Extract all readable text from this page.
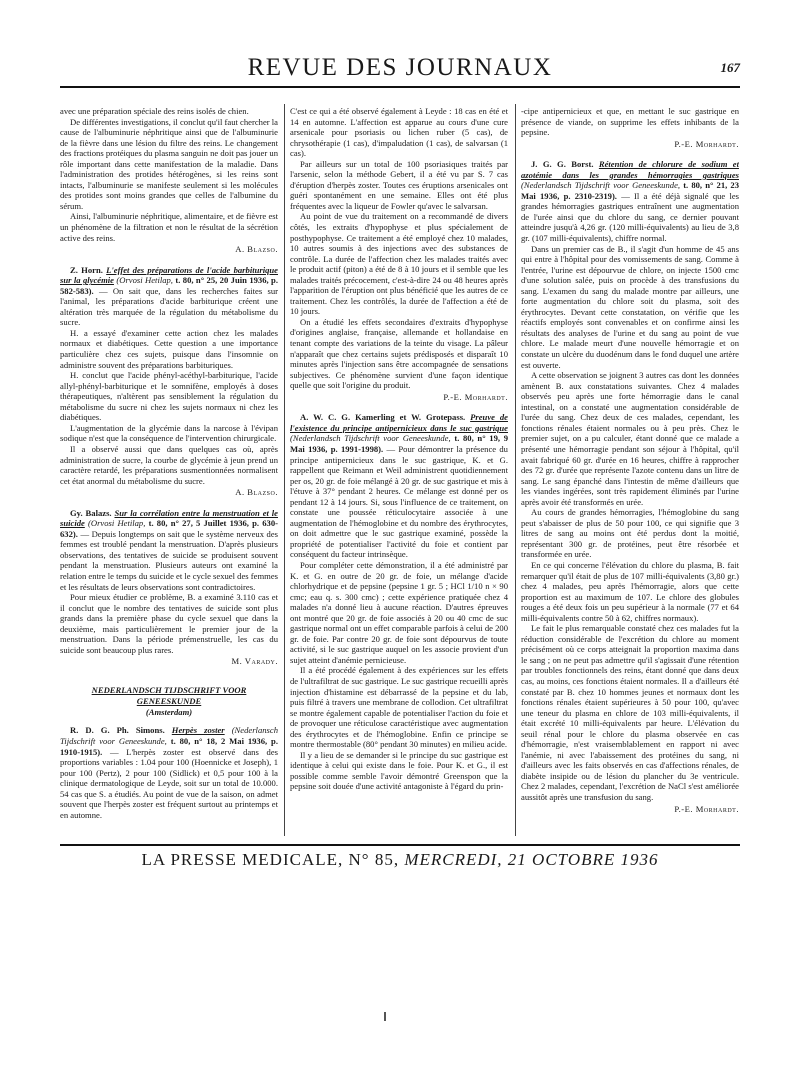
REVUE DES JOURNAUX	167

avec une préparation spéciale des reins isolés de chien.

De différentes investigations, il conclut qu'il faut chercher la cause de l'albuminurie néphritique ainsi que de l'albuminurie de la fièvre dans une lésion du filtre des reins. Le changement des fractions protéiques du plasma sanguin ne doit pas jouer un rôle important dans cette manifestation de la maladie. Dans l'administration des protides hétérogènes, si les reins sont intacts, l'albuminurie se manifeste seulement si les molécules des protides sont moins grandes que celles de l'albumine du sérum.

Ainsi, l'albuminurie néphritique, alimentaire, et de fièvre est un phénomène de la filtration et non le résultat de la sécrétion active des reins.

A. Blazso.

Z. Horn. L'effet des préparations de l'acide barbiturique sur la glycémie (Orvosi Hetilap, t. 80, n° 25, 20 Juin 1936, p. 582-583). — On sait que, dans les recherches faites sur l'animal, les préparations d'acide barbiturique créent une altération très marquée de la régulation du métabolisme du sucre.

H. a essayé d'examiner cette action chez les malades normaux et diabétiques. Cette question a une importance particulière chez ces sujets, puisque dans l'insomnie on administre souvent des préparations barbituriques.

H. conclut que l'acide phényl-acéthyl-barbiturique, l'acide allyl-phényl-barbiturique et le somnifène, employés à doses thérapeutiques, n'altèrent pas sensiblement la régulation du métabolisme du sucre ni chez les sujets normaux ni chez les diabétiques.

L'augmentation de la glycémie dans la narcose à l'évipan sodique n'est que la conséquence de l'intervention chirurgicale.

Il a observé aussi que dans quelques cas où, après administration de sucre, la courbe de glycémie à jeun prend un caractère retardé, les préparations susmentionnées normalisent cet état anormal du métabolisme du sucre.

A. Blazso.

Gy. Balazs. Sur la corrélation entre la menstruation et le suicide (Orvosi Hetilap, t. 80, n° 27, 5 Juillet 1936, p. 630-632). — Depuis longtemps on sait que le système nerveux des femmes est troublé pendant la menstruation. D'après plusieurs observations, des tentatives de suicide se produisent souvent pendant la menstruation. Plusieurs auteurs ont examiné la relation entre le temps du suicide et le cycle sexuel des femmes et les résultats de leurs observations sont contradictoires.

Pour mieux étudier ce problème, B. a examiné 3.110 cas et il conclut que le nombre des tentatives de suicide sont plus grands dans la première phase du cycle sexuel que dans la deuxième, mais particulièrement le premier jour de la menstruation. Dans la période prémenstruelle, les cas du suicide sont beaucoup plus rares.

M. Varady.
NEDERLANDSCH TIJDSCHRIFT VOOR GENEESKUNDE
(Amsterdam)

R. D. G. Ph. Simons. Herpès zoster (Nederlansch Tijdschrift voor Geneeskunde, t. 80, n° 18, 2 Mai 1936, p. 1910-1915). — L'herpès zoster est observé dans des proportions variables : 1.04 pour 100 (Hoennicke et Joseph), 1 pour 100 (Pertz), 2 pour 100 (Sidlick) et 0,5 pour 100 à la clinique dermatologique de Leyde, soit sur un total de 10.000. 54 cas que S. a étudiés. Au point de vue de la saison, on admet souvent que l'herpès zoster est fréquent surtout au printemps et en automne.

C'est ce qui a été observé également à Leyde : 18 cas en été et 14 en automne. L'affection est apparue au cours d'une cure arsenicale pour psoriasis ou lichen ruber (5 cas), de chrysothérapie (1 cas), d'impaludation (1 cas), de salvarsan (1 cas).

Par ailleurs sur un total de 100 psoriasiques traités par l'arsenic, selon la méthode Gebert, il a été vu par S. 7 cas d'éruption d'herpès zoster. Toutes ces éruptions arsenicales ont guéri spontanément en une semaine. Elles ont été plus fréquentes avec la liqueur de Fowler qu'avec le salvarsan.

Au point de vue du traitement on a recommandé de divers côtés, les extraits d'hypophyse et plus spécialement de posthypophyse. Ce traitement a été employé chez 10 malades, 10 autres soumis à des injections avec des substances de contrôle. La durée de l'affection chez les malades traités avec le produit actif (piton) a été de 8 à 10 jours et il semble que les malades traités précocement, c'est-à-dire 24 ou 48 heures après l'apparition de l'éruption ont plus bénéficié que les autres de ce traitement. Chez les contrôlés, la durée de l'affection a été de 10 jours.

On a étudié les effets secondaires d'extraits d'hypophyse d'origines anglaise, française, allemande et hollandaise en tenant compte des variations de la teinte du visage. La pâleur n'apparaît que chez certains sujets prédisposés et disparaît 10 minutes après l'injection sans être accompagnée de sensations subjectives. Ce phénomène survient d'une façon identique quelle que soit l'origine du produit.

P.-E. Morhardt.

A. W. C. G. Kamerling et W. Grotepass. Preuve de l'existence du principe antipernicieux dans le suc gastrique (Nederlandsch Tijdschrift voor Geneeskunde, t. 80, n° 19, 9 Mai 1936, p. 1991-1998). — Pour démontrer la présence du principe antipernicieux dans le suc gastrique, K. et G. rappellent que Reimann et Weil administrent quotidiennement per os, 20 gr. de foie mélangé à 20 gr. de suc gastrique et mis à l'étuve à 37° pendant 2 heures. Ce mélange est donné per os pendant 12 à 14 jours. Si, sous l'influence de ce traitement, on constate une poussée réticulocytaire associée à une augmentation de l'hémoglobine et du nombre des érythrocytes, on doit admettre que le suc gastrique examiné, possède la propriété de potentialiser l'activité du foie et contient par conséquent du facteur intrinsèque.

Pour compléter cette démonstration, il a été administré par K. et G. en outre de 20 gr. de foie, un mélange d'acide chlorhydrique et de pepsine (pepsine 1 gr. 5 ; HCl 1/10 n × 90 cmc; eau q. s. 300 cmc) ; cette expérience pratiquée chez 4 malades n'a donné lieu à aucune réaction. D'autres épreuves ont montré que 20 gr. de foie associés à 20 ou 40 cmc de suc gastrique normal ont un effet comparable parfois à celui de 200 gr. de foie. Par contre 20 gr. de foie sont dépourvus de toute activité, si le suc gastrique auquel on les associe provient d'un sujet atteint d'anémie pernicieuse.

Il a été procédé également à des expériences sur les effets de l'ultrafiltrat de suc gastrique. Le suc gastrique recueilli après injection d'histamine est débarrassé de la pepsine et du lab, puis filtré à travers une membrane de collodion. Cet ultrafiltrat se montre également capable de potentialiser l'action du foie et de provoquer une réticulose caractéristique avec augmentation des érythrocytes et de l'hémoglobine. Enfin ce principe se montre thermostable (80° pendant 30 minutes) en milieu acide.

Il y a lieu de se demander si le principe du suc gastrique est identique à celui qui existe dans le foie. Pour K. et G., il est possible comme semble l'avoir démontré Greenspon que la pepsine soit douée d'une activité antagoniste à l'égard du prin-

-cipe antipernicieux et que, en mettant le suc gastrique en présence de viande, on supprime les effets inhibants de la pepsine.

P.-E. Morhardt.

J. G. G. Borst. Rétention de chlorure de sodium et azotémie dans les grandes hémorragies gastriques (Nederlandsch Tijdschrift voor Geneeskunde, t. 80, n° 21, 23 Mai 1936, p. 2310-2319). — Il a été déjà signalé que les grandes hémorragies gastriques entraînent une augmentation de l'urée ainsi que du chlore du sang, ce dernier pouvant atteindre jusqu'à 4,26 gr. (120 milli-équivalents) au lieu de 3,8 gr. (107 milli-équivalents), chiffre normal.

Dans un premier cas de B., il s'agit d'un homme de 45 ans qui entre à l'hôpital pour des vomissements de sang. Comme à l'entrée, l'urine est dépourvue de chlore, on injecte 1500 cmc d'une solution salée, puis on procède à des transfusions du sang. L'examen du sang du malade montre par ailleurs, une forte augmentation du chlore soit du plasma, soit des érythrocytes. Devant cette constatation, on vérifie que les réactifs employés sont convenables et on confirme ainsi les résultats des analyses de l'urine et du sang au point de vue chlore. Le malade meurt d'une nouvelle hémorragie et on constate un ulcère du duodénum dans le fond duquel une artère est ouverte.

A cette observation se joignent 3 autres cas dont les données amènent B. aux constatations suivantes. Chez 4 malades observés peu après une forte hémorragie dans le canal intestinal, on a constaté une augmentation considérable de l'urée du sang. Chez deux de ces malades, cependant, les fonctions rénales étaient normales ou à peu près. Chez le premier sujet, on a pu calculer, étant donné que ce malade a présenté une hémorragie pendant son séjour à l'hôpital, qu'il avait fabriqué 60 gr. d'urée en 16 heures, chiffre à rapprocher des 72 gr. d'urée que représente l'azote contenu dans un litre de sang. Le sang épanché dans l'intestin de même d'ailleurs que les viandes ingérées, sont très rapidement éliminés par l'urine après avoir été transformés en urée.

Au cours de grandes hémorragies, l'hémoglobine du sang peut s'abaisser de plus de 50 pour 100, ce qui signifie que 3 litres de sang au moins ont été perdus dont la moitié, représentant 300 gr. de protéines, peut être résorbée et transformée en urée.

En ce qui concerne l'élévation du chlore du plasma, B. fait remarquer qu'il était de plus de 107 milli-équivalents (3,80 gr.) chez 4 malades, peu après l'hémorragie, alors que cette proportion est au maximum de 107. Le chlore des globules rouges a été deux fois un peu supérieur à la normale (77 et 64 milli-équivalents contre 50 à 62, chiffres normaux).

Le fait le plus remarquable constaté chez ces malades fut la réduction considérable de l'excrétion du chlore au moment précisément où ce corps atteignait la proportion maxima dans le sang ; on ne peut pas admettre qu'il s'agissait d'une rétention par troubles fonctionnels des reins, étant donné que dans deux cas, au moins, ces fonctions étaient normales. Il a d'ailleurs été constaté par B. chez 10 hommes jeunes et normaux dont les fonctions rénales étaient supérieures à 50 pour 100, qu'avec une teneur du plasma en chlore de 103 milli-équivalents, il était excrété 10 milli-équivalents par heure. L'élévation du seuil rénal pour le chlore du plasma observée en cas d'hémorragie, n'est vraisemblablement en rapport ni avec l'anémie, ni avec l'abaissement des protéines du sang, ni d'ailleurs avec les faits observés en cas d'affections rénales, de diabète insipide ou de lésion du plancher du 3e ventricule. Chez 2 malades, cependant, l'excrétion de NaCl s'est améliorée aussitôt après une transfusion du sang.

P.-E. Morhardt.
LA PRESSE MEDICALE, N° 85, MERCREDI, 21 OCTOBRE 1936
